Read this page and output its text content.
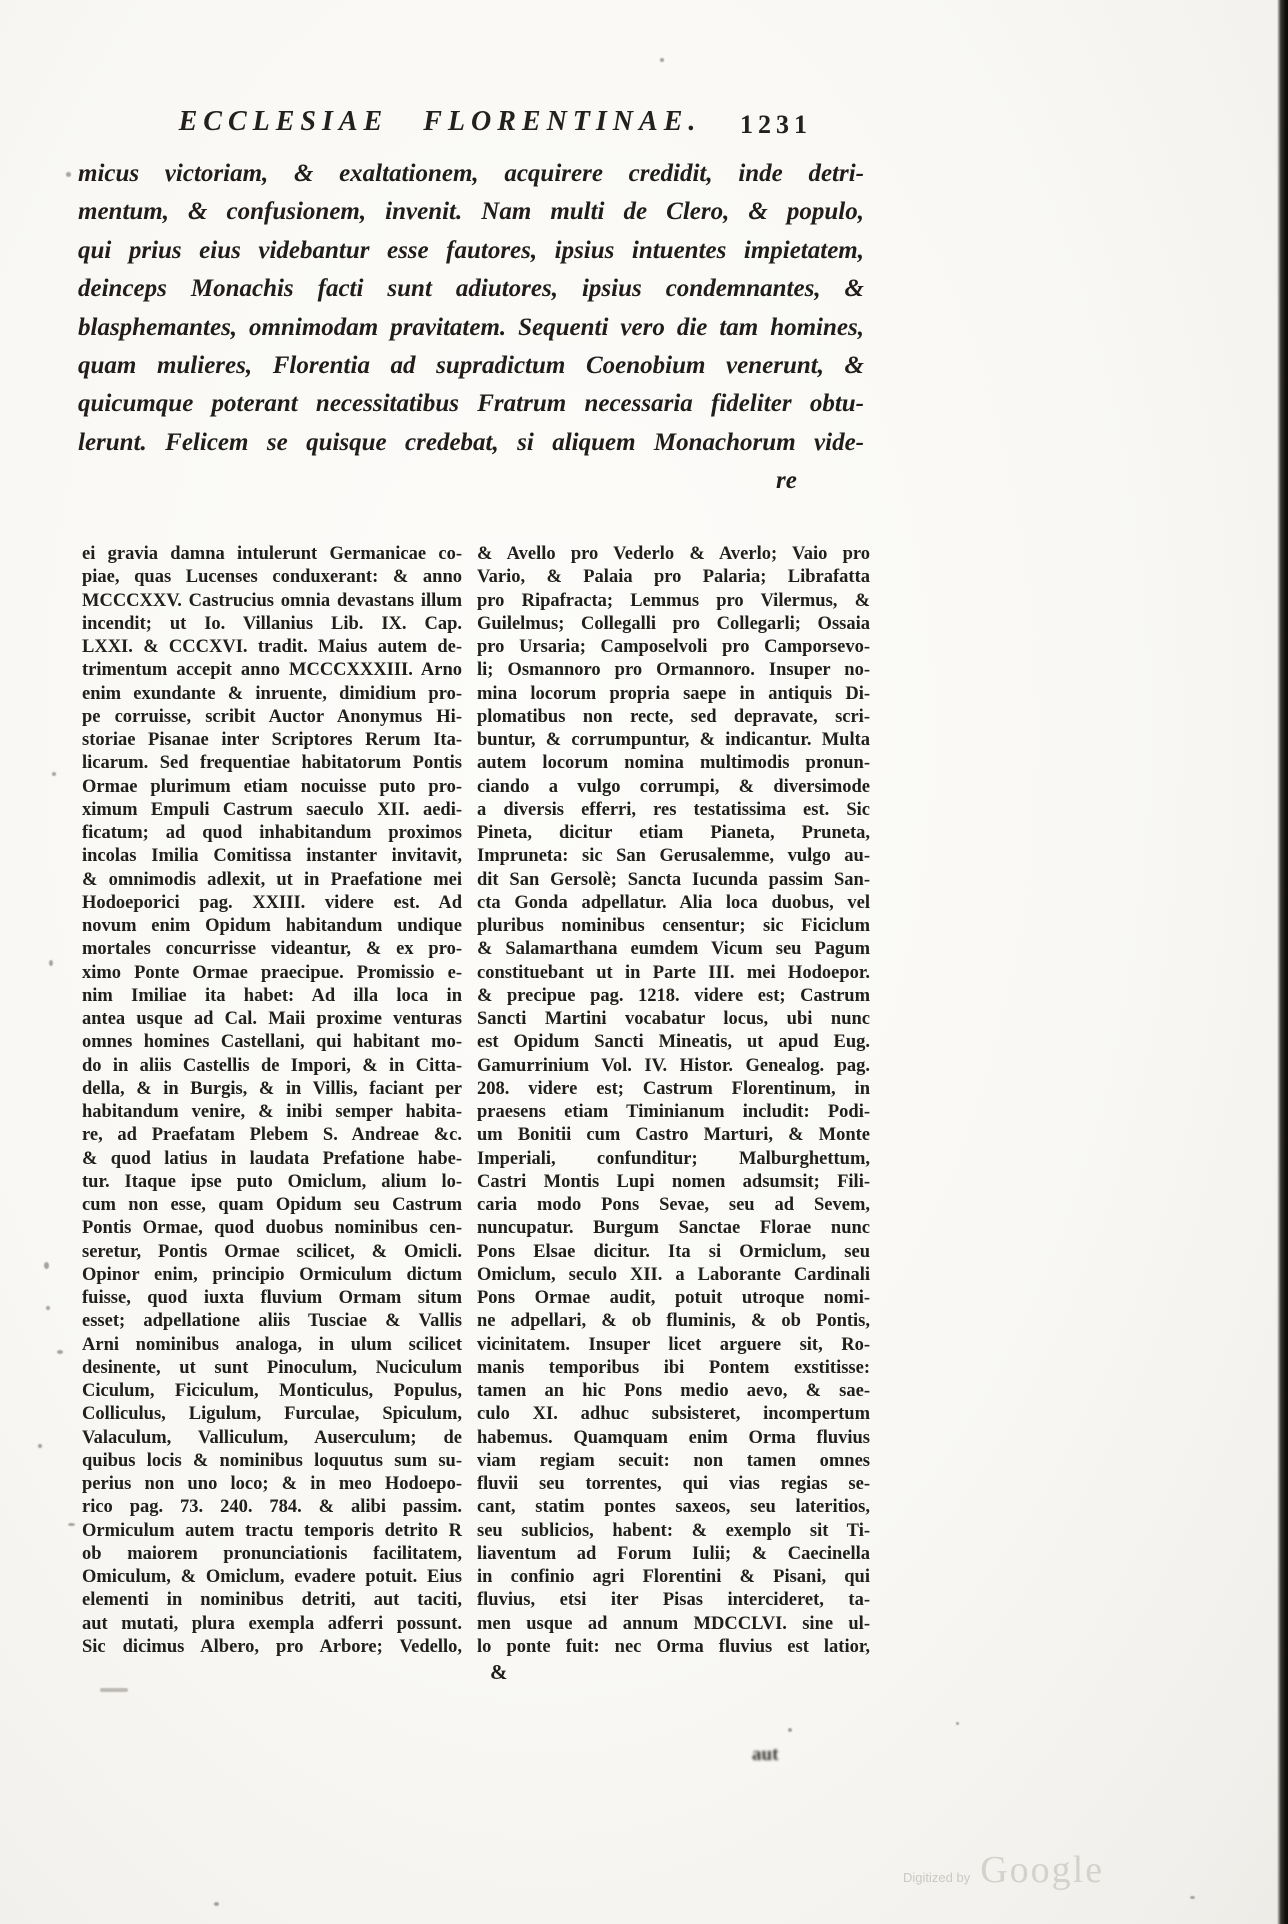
ECCLESIAE FLORENTINAE.	1231
micus victoriam, & exaltationem, acquirere credidit, inde detri-
mentum, & confusionem, invenit. Nam multi de Clero, & populo,
qui prius eius videbantur esse fautores, ipsius intuentes impietatem,
deinceps Monachis facti sunt adiutores, ipsius condemnantes, &
blasphemantes, omnimodam pravitatem. Sequenti vero die tam homines,
quam mulieres, Florentia ad supradictum Coenobium venerunt, &
quicumque poterant necessitatibus Fratrum necessaria fideliter obtu-
lerunt. Felicem se quisque credebat, si aliquem Monachorum vide-
re
ei gravia damna intulerunt Germanicae co-
piae, quas Lucenses conduxerant: & anno
MCCCXXV. Castrucius omnia devastans illum
incendit; ut Io. Villanius Lib. IX. Cap.
LXXI. & CCCXVI. tradit. Maius autem de-
trimentum accepit anno MCCCXXXIII. Arno
enim exundante & inruente, dimidium pro-
pe corruisse, scribit Auctor Anonymus Hi-
storiae Pisanae inter Scriptores Rerum Ita-
licarum. Sed frequentiae habitatorum Pontis
Ormae plurimum etiam nocuisse puto pro-
ximum Empuli Castrum saeculo XII. aedi-
ficatum; ad quod inhabitandum proximos
incolas Imilia Comitissa instanter invitavit,
& omnimodis adlexit, ut in Praefatione mei
Hodoeporici pag. XXIII. videre est. Ad
novum enim Opidum habitandum undique
mortales concurrisse videantur, & ex pro-
ximo Ponte Ormae praecipue. Promissio e-
nim Imiliae ita habet: Ad illa loca in
antea usque ad Cal. Maii proxime venturas
omnes homines Castellani, qui habitant mo-
do in aliis Castellis de Impori, & in Citta-
della, & in Burgis, & in Villis, faciant per
habitandum venire, & inibi semper habita-
re, ad Praefatam Plebem S. Andreae &c.
& quod latius in laudata Prefatione habe-
tur. Itaque ipse puto Omiclum, alium lo-
cum non esse, quam Opidum seu Castrum
Pontis Ormae, quod duobus nominibus cen-
seretur, Pontis Ormae scilicet, & Omicli.
Opinor enim, principio Ormiculum dictum
fuisse, quod iuxta fluvium Ormam situm
esset; adpellatione aliis Tusciae & Vallis
Arni nominibus analoga, in ulum scilicet
desinente, ut sunt Pinoculum, Nuciculum
Ciculum, Ficiculum, Monticulus, Populus,
Colliculus, Ligulum, Furculae, Spiculum,
Valaculum, Valliculum, Auserculum; de
quibus locis & nominibus loquutus sum su-
perius non uno loco; & in meo Hodoepo-
rico pag. 73. 240. 784. & alibi passim.
Ormiculum autem tractu temporis detrito R
ob maiorem pronunciationis facilitatem,
Omiculum, & Omiclum, evadere potuit. Eius
elementi in nominibus detriti, aut taciti,
aut mutati, plura exempla adferri possunt.
Sic dicimus Albero, pro Arbore; Vedello,
& Avello pro Vederlo & Averlo; Vaio pro
Vario, & Palaia pro Palaria; Librafatta
pro Ripafracta; Lemmus pro Vilermus, &
Guilelmus; Collegalli pro Collegarli; Ossaia
pro Ursaria; Camposelvoli pro Camporsevo-
li; Osmannoro pro Ormannoro. Insuper no-
mina locorum propria saepe in antiquis Di-
plomatibus non recte, sed depravate, scri-
buntur, & corrumpuntur, & indicantur. Multa
autem locorum nomina multimodis pronun-
ciando a vulgo corrumpi, & diversimode
a diversis efferri, res testatissima est. Sic
Pineta, dicitur etiam Pianeta, Pruneta,
Impruneta: sic San Gerusalemme, vulgo au-
dit San Gersolè; Sancta Iucunda passim San-
cta Gonda adpellatur. Alia loca duobus, vel
pluribus nominibus censentur; sic Ficiclum
& Salamarthana eumdem Vicum seu Pagum
constituebant ut in Parte III. mei Hodoepor.
& precipue pag. 1218. videre est; Castrum
Sancti Martini vocabatur locus, ubi nunc
est Opidum Sancti Mineatis, ut apud Eug.
Gamurrinium Vol. IV. Histor. Genealog. pag.
208. videre est; Castrum Florentinum, in
praesens etiam Timinianum includit: Podi-
um Bonitii cum Castro Marturi, & Monte
Imperiali, confunditur; Malburghettum,
Castri Montis Lupi nomen adsumsit; Fili-
caria modo Pons Sevae, seu ad Sevem,
nuncupatur. Burgum Sanctae Florae nunc
Pons Elsae dicitur. Ita si Ormiclum, seu
Omiclum, seculo XII. a Laborante Cardinali
Pons Ormae audit, potuit utroque nomi-
ne adpellari, & ob fluminis, & ob Pontis,
vicinitatem. Insuper licet arguere sit, Ro-
manis temporibus ibi Pontem exstitisse:
tamen an hic Pons medio aevo, & sae-
culo XI. adhuc subsisteret, incompertum
habemus. Quamquam enim Orma fluvius
viam regiam secuit: non tamen omnes
fluvii seu torrentes, qui vias regias se-
cant, statim pontes saxeos, seu lateritios,
seu sublicios, habent: & exemplo sit Ti-
liaventum ad Forum Iulii; & Caecinella
in confinio agri Florentini & Pisani, qui
fluvius, etsi iter Pisas intercideret, ta-
men usque ad annum MDCCLVI. sine ul-
lo ponte fuit: nec Orma fluvius est latior,
&
aut
Digitized by Google
